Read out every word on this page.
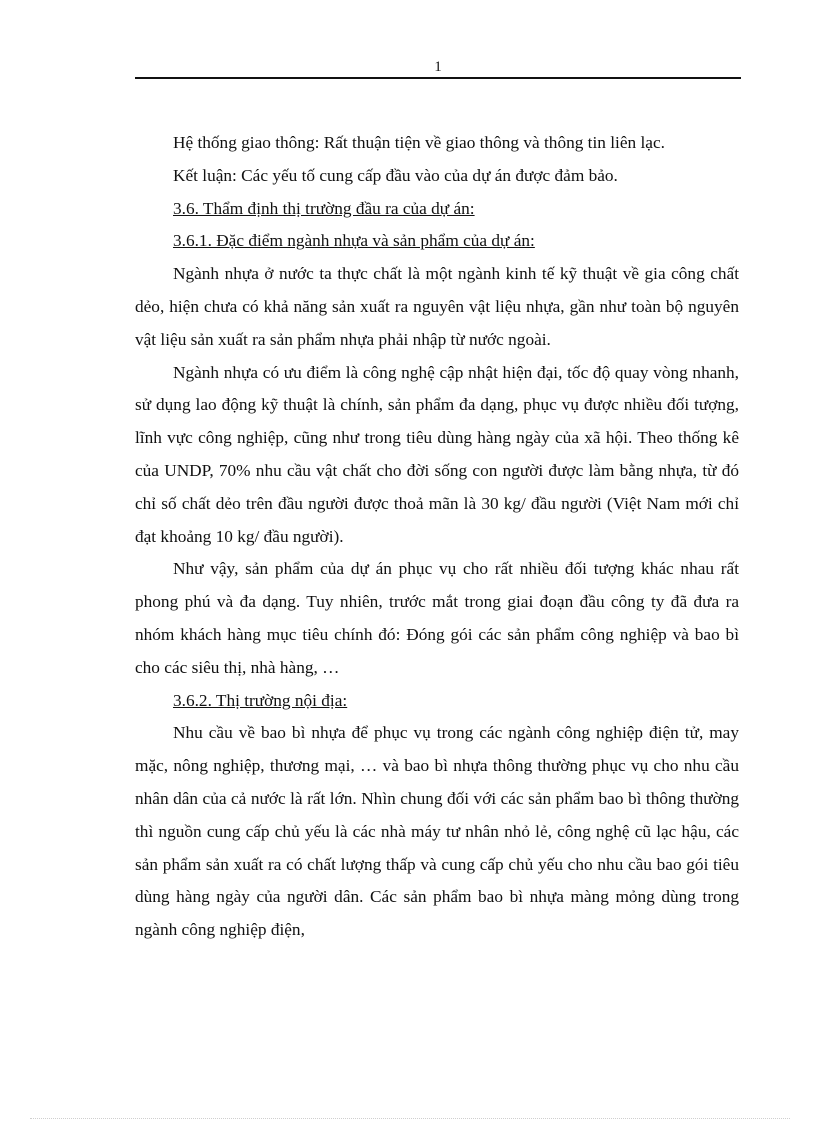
1

Hệ thống giao thông: Rất thuận tiện về giao thông và thông tin liên lạc.

Kết luận: Các yếu tố cung cấp đầu vào của dự án được đảm bảo.

3.6. Thẩm định thị trường đầu ra của dự án:

3.6.1. Đặc điểm ngành nhựa và sản phẩm của dự án:

Ngành nhựa ở nước ta thực chất là một ngành kinh tế kỹ thuật về gia công chất dẻo, hiện chưa có khả năng sản xuất ra nguyên vật liệu nhựa, gần như toàn bộ nguyên vật liệu sản xuất ra sản phẩm nhựa phải nhập từ nước ngoài.

Ngành nhựa có ưu điểm là công nghệ cập nhật hiện đại, tốc độ quay vòng nhanh, sử dụng lao động kỹ thuật là chính, sản phẩm đa dạng, phục vụ được nhiều đối tượng, lĩnh vực công nghiệp, cũng như trong tiêu dùng hàng ngày của xã hội. Theo thống kê của UNDP, 70% nhu cầu vật chất cho đời sống con người được làm bằng nhựa, từ đó chỉ số chất dẻo trên đầu người được thoả mãn là 30 kg/ đầu người (Việt Nam mới chỉ đạt khoảng 10 kg/ đầu người).

Như vậy, sản phẩm của dự án phục vụ cho rất nhiều đối tượng khác nhau rất phong phú và đa dạng. Tuy nhiên, trước mắt trong giai đoạn đầu công ty đã đưa ra nhóm khách hàng mục tiêu chính đó: Đóng gói các sản phẩm công nghiệp và bao bì cho các siêu thị, nhà hàng, …

3.6.2. Thị trường nội địa:

Nhu cầu về bao bì nhựa để phục vụ trong các ngành công nghiệp điện tử, may mặc, nông nghiệp, thương mại, … và bao bì nhựa thông thường phục vụ cho nhu cầu nhân dân của cả nước là rất lớn. Nhìn chung đối với các sản phẩm bao bì thông thường thì nguồn cung cấp chủ yếu là các nhà máy tư nhân nhỏ lẻ, công nghệ cũ lạc hậu, các sản phẩm sản xuất ra có chất lượng thấp và cung cấp chủ yếu cho nhu cầu bao gói tiêu dùng hàng ngày của người dân. Các sản phẩm bao bì nhựa màng mỏng dùng trong ngành công nghiệp điện,
